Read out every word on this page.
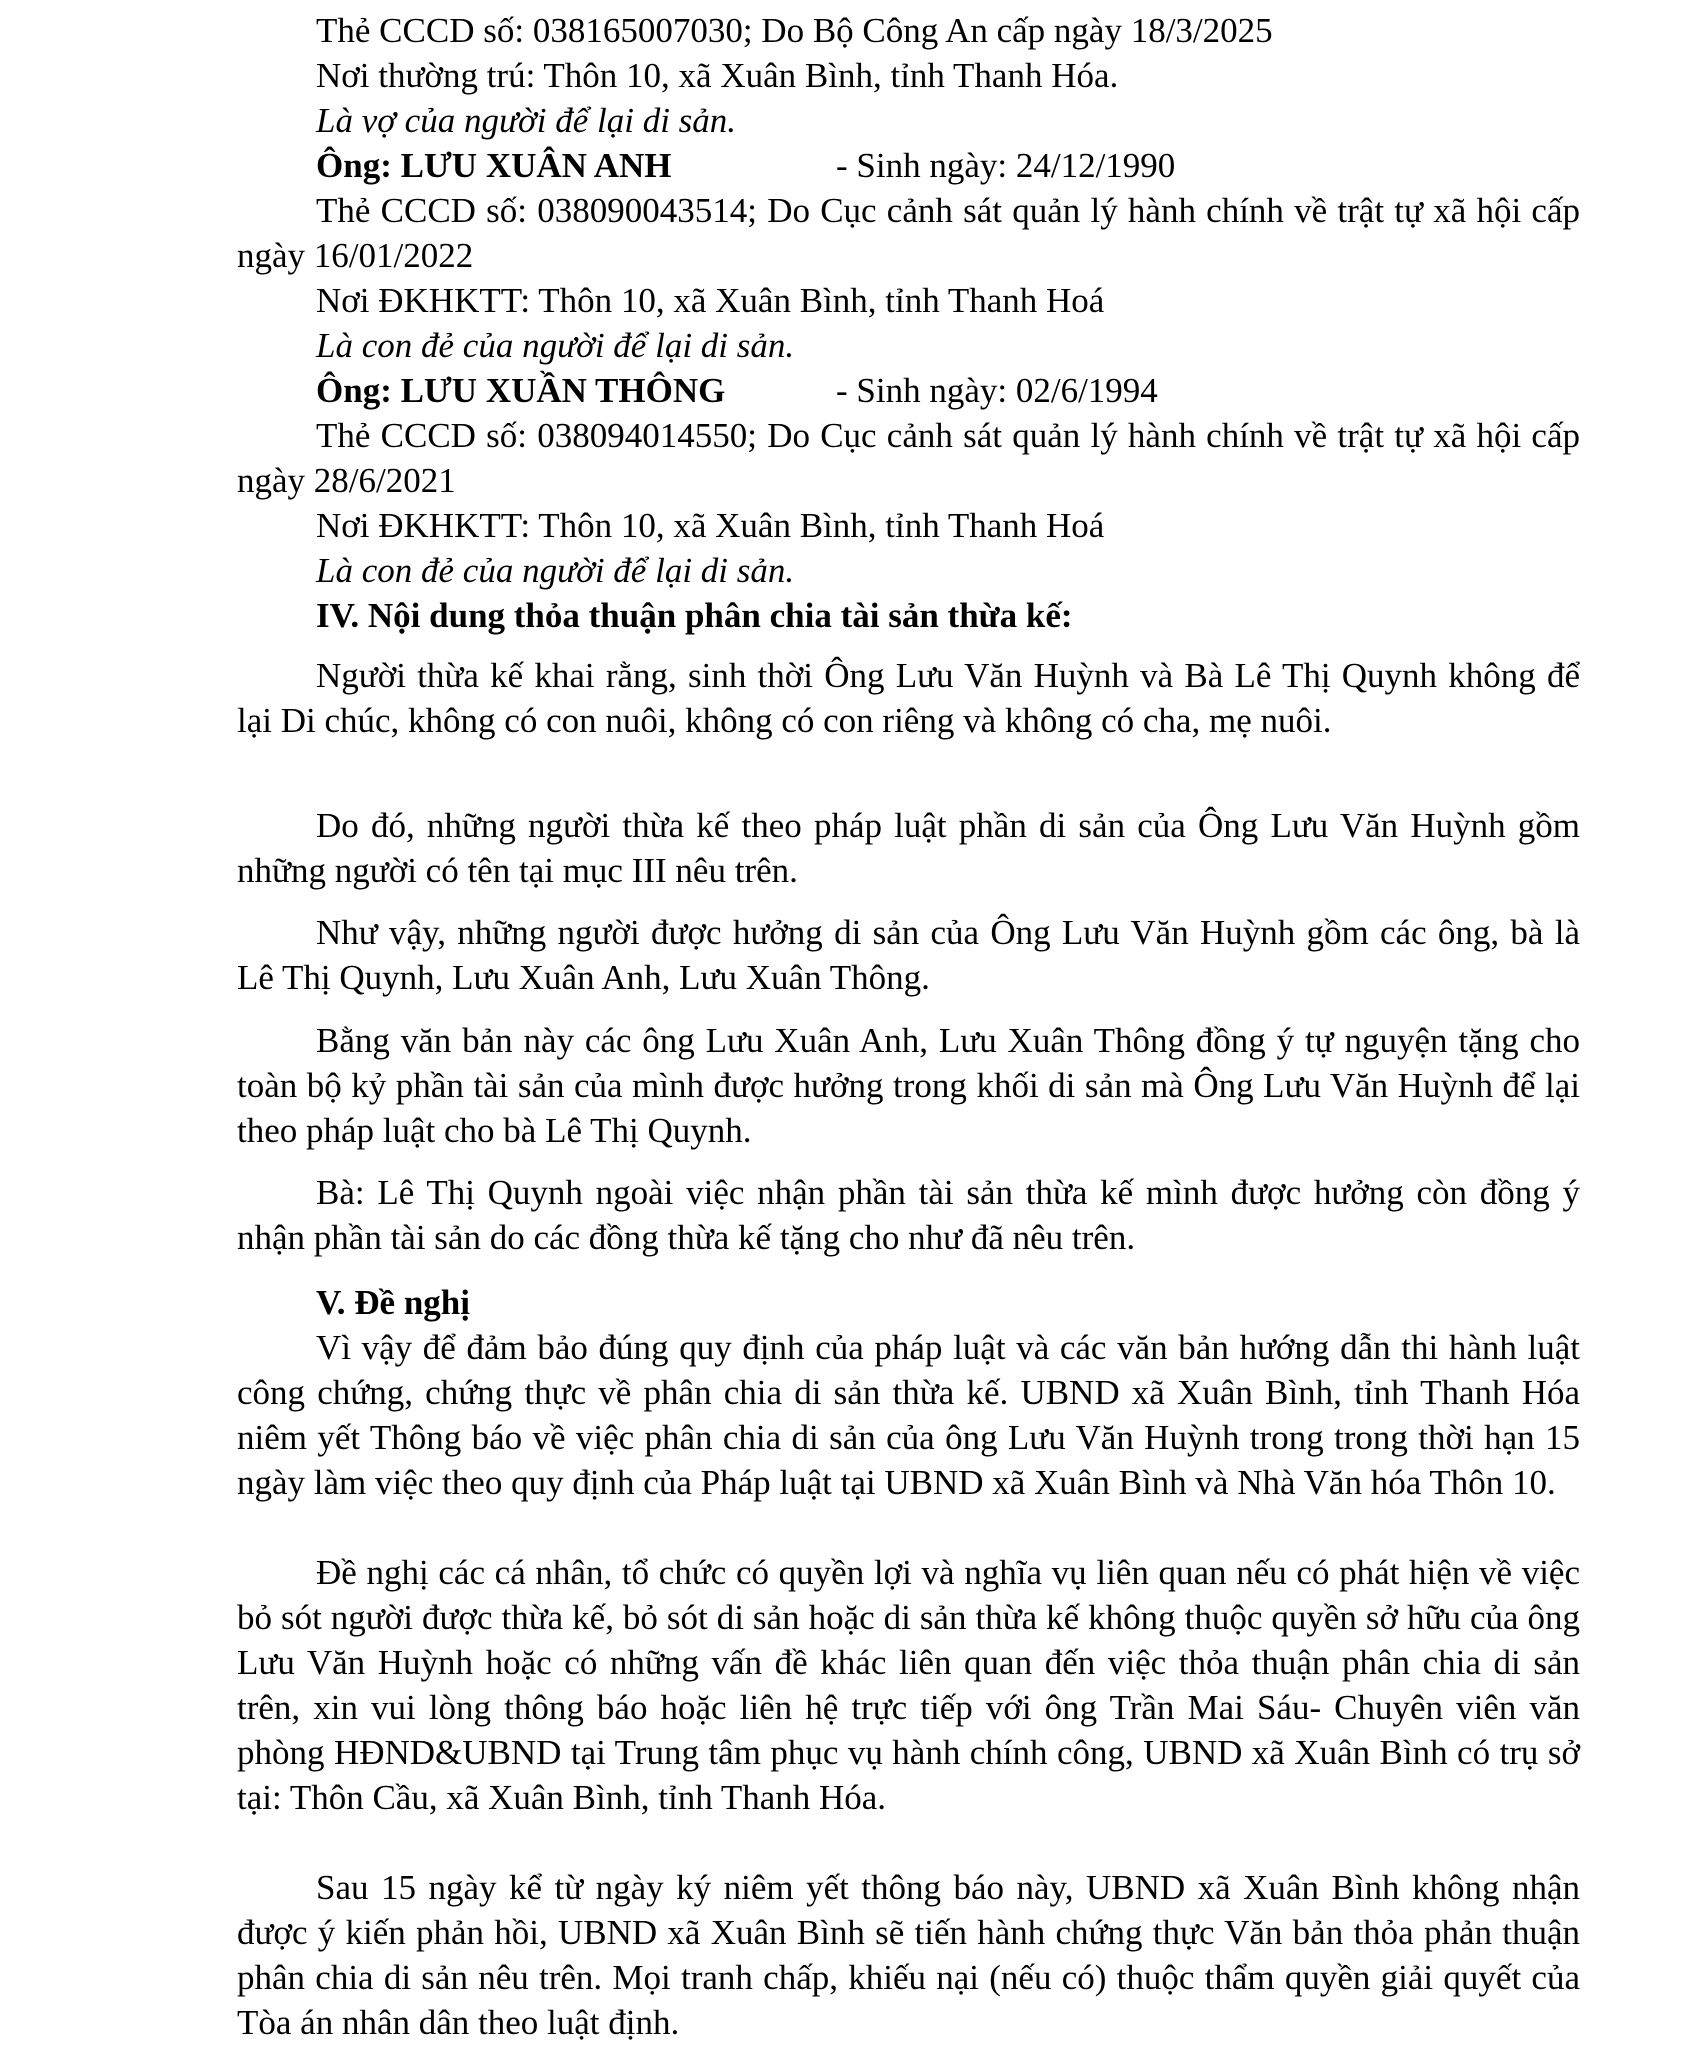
Thẻ CCCD số: 038165007030; Do Bộ Công An cấp ngày 18/3/2025
Nơi thường trú: Thôn 10, xã Xuân Bình, tỉnh Thanh Hóa.
Là vợ của người để lại di sản.
Ông: LƯU XUÂN ANH	- Sinh ngày: 24/12/1990
Thẻ CCCD số: 038090043514; Do Cục cảnh sát quản lý hành chính về trật tự xã hội cấp ngày 16/01/2022
Nơi ĐKHKTT: Thôn 10, xã Xuân Bình, tỉnh Thanh Hoá
Là con đẻ của người để lại di sản.
Ông: LƯU XUẦN THÔNG	- Sinh ngày: 02/6/1994
Thẻ CCCD số: 038094014550; Do Cục cảnh sát quản lý hành chính về trật tự xã hội cấp ngày 28/6/2021
Nơi ĐKHKTT: Thôn 10, xã Xuân Bình, tỉnh Thanh Hoá
Là con đẻ của người để lại di sản.
IV. Nội dung thỏa thuận phân chia tài sản thừa kế:
Người thừa kế khai rằng, sinh thời Ông Lưu Văn Huỳnh và Bà Lê Thị Quynh không để lại Di chúc, không có con nuôi, không có con riêng và không có cha, mẹ nuôi.
Do đó, những người thừa kế theo pháp luật phần di sản của Ông Lưu Văn Huỳnh gồm những người có tên tại mục III nêu trên.
Như vậy, những người được hưởng di sản của Ông Lưu Văn Huỳnh gồm các ông, bà là Lê Thị Quynh, Lưu Xuân Anh, Lưu Xuân Thông.
Bằng văn bản này các ông Lưu Xuân Anh, Lưu Xuân Thông đồng ý tự nguyện tặng cho toàn bộ kỷ phần tài sản của mình được hưởng trong khối di sản mà Ông Lưu Văn Huỳnh để lại theo pháp luật cho bà Lê Thị Quynh.
Bà: Lê Thị Quynh ngoài việc nhận phần tài sản thừa kế mình được hưởng còn đồng ý nhận phần tài sản do các đồng thừa kế tặng cho như đã nêu trên.
V. Đề nghị
Vì vậy để đảm bảo đúng quy định của pháp luật và các văn bản hướng dẫn thi hành luật công chứng, chứng thực về phân chia di sản thừa kế. UBND xã Xuân Bình, tỉnh Thanh Hóa niêm yết Thông báo về việc phân chia di sản của ông Lưu Văn Huỳnh trong trong thời hạn 15 ngày làm việc theo quy định của Pháp luật tại UBND xã Xuân Bình và Nhà Văn hóa Thôn 10.
Đề nghị các cá nhân, tổ chức có quyền lợi và nghĩa vụ liên quan nếu có phát hiện về việc bỏ sót người được thừa kế, bỏ sót di sản hoặc di sản thừa kế không thuộc quyền sở hữu của ông Lưu Văn Huỳnh hoặc có những vấn đề khác liên quan đến việc thỏa thuận phân chia di sản trên, xin vui lòng thông báo hoặc liên hệ trực tiếp với ông Trần Mai Sáu- Chuyên viên văn phòng HĐND&UBND tại Trung tâm phục vụ hành chính công, UBND xã Xuân Bình có trụ sở tại: Thôn Cầu, xã Xuân Bình, tỉnh Thanh Hóa.
Sau 15 ngày kể từ ngày ký niêm yết thông báo này, UBND xã Xuân Bình không nhận được ý kiến phản hồi, UBND xã Xuân Bình sẽ tiến hành chứng thực Văn bản thỏa phản thuận phân chia di sản nêu trên. Mọi tranh chấp, khiếu nại (nếu có) thuộc thẩm quyền giải quyết của Tòa án nhân dân theo luật định.
